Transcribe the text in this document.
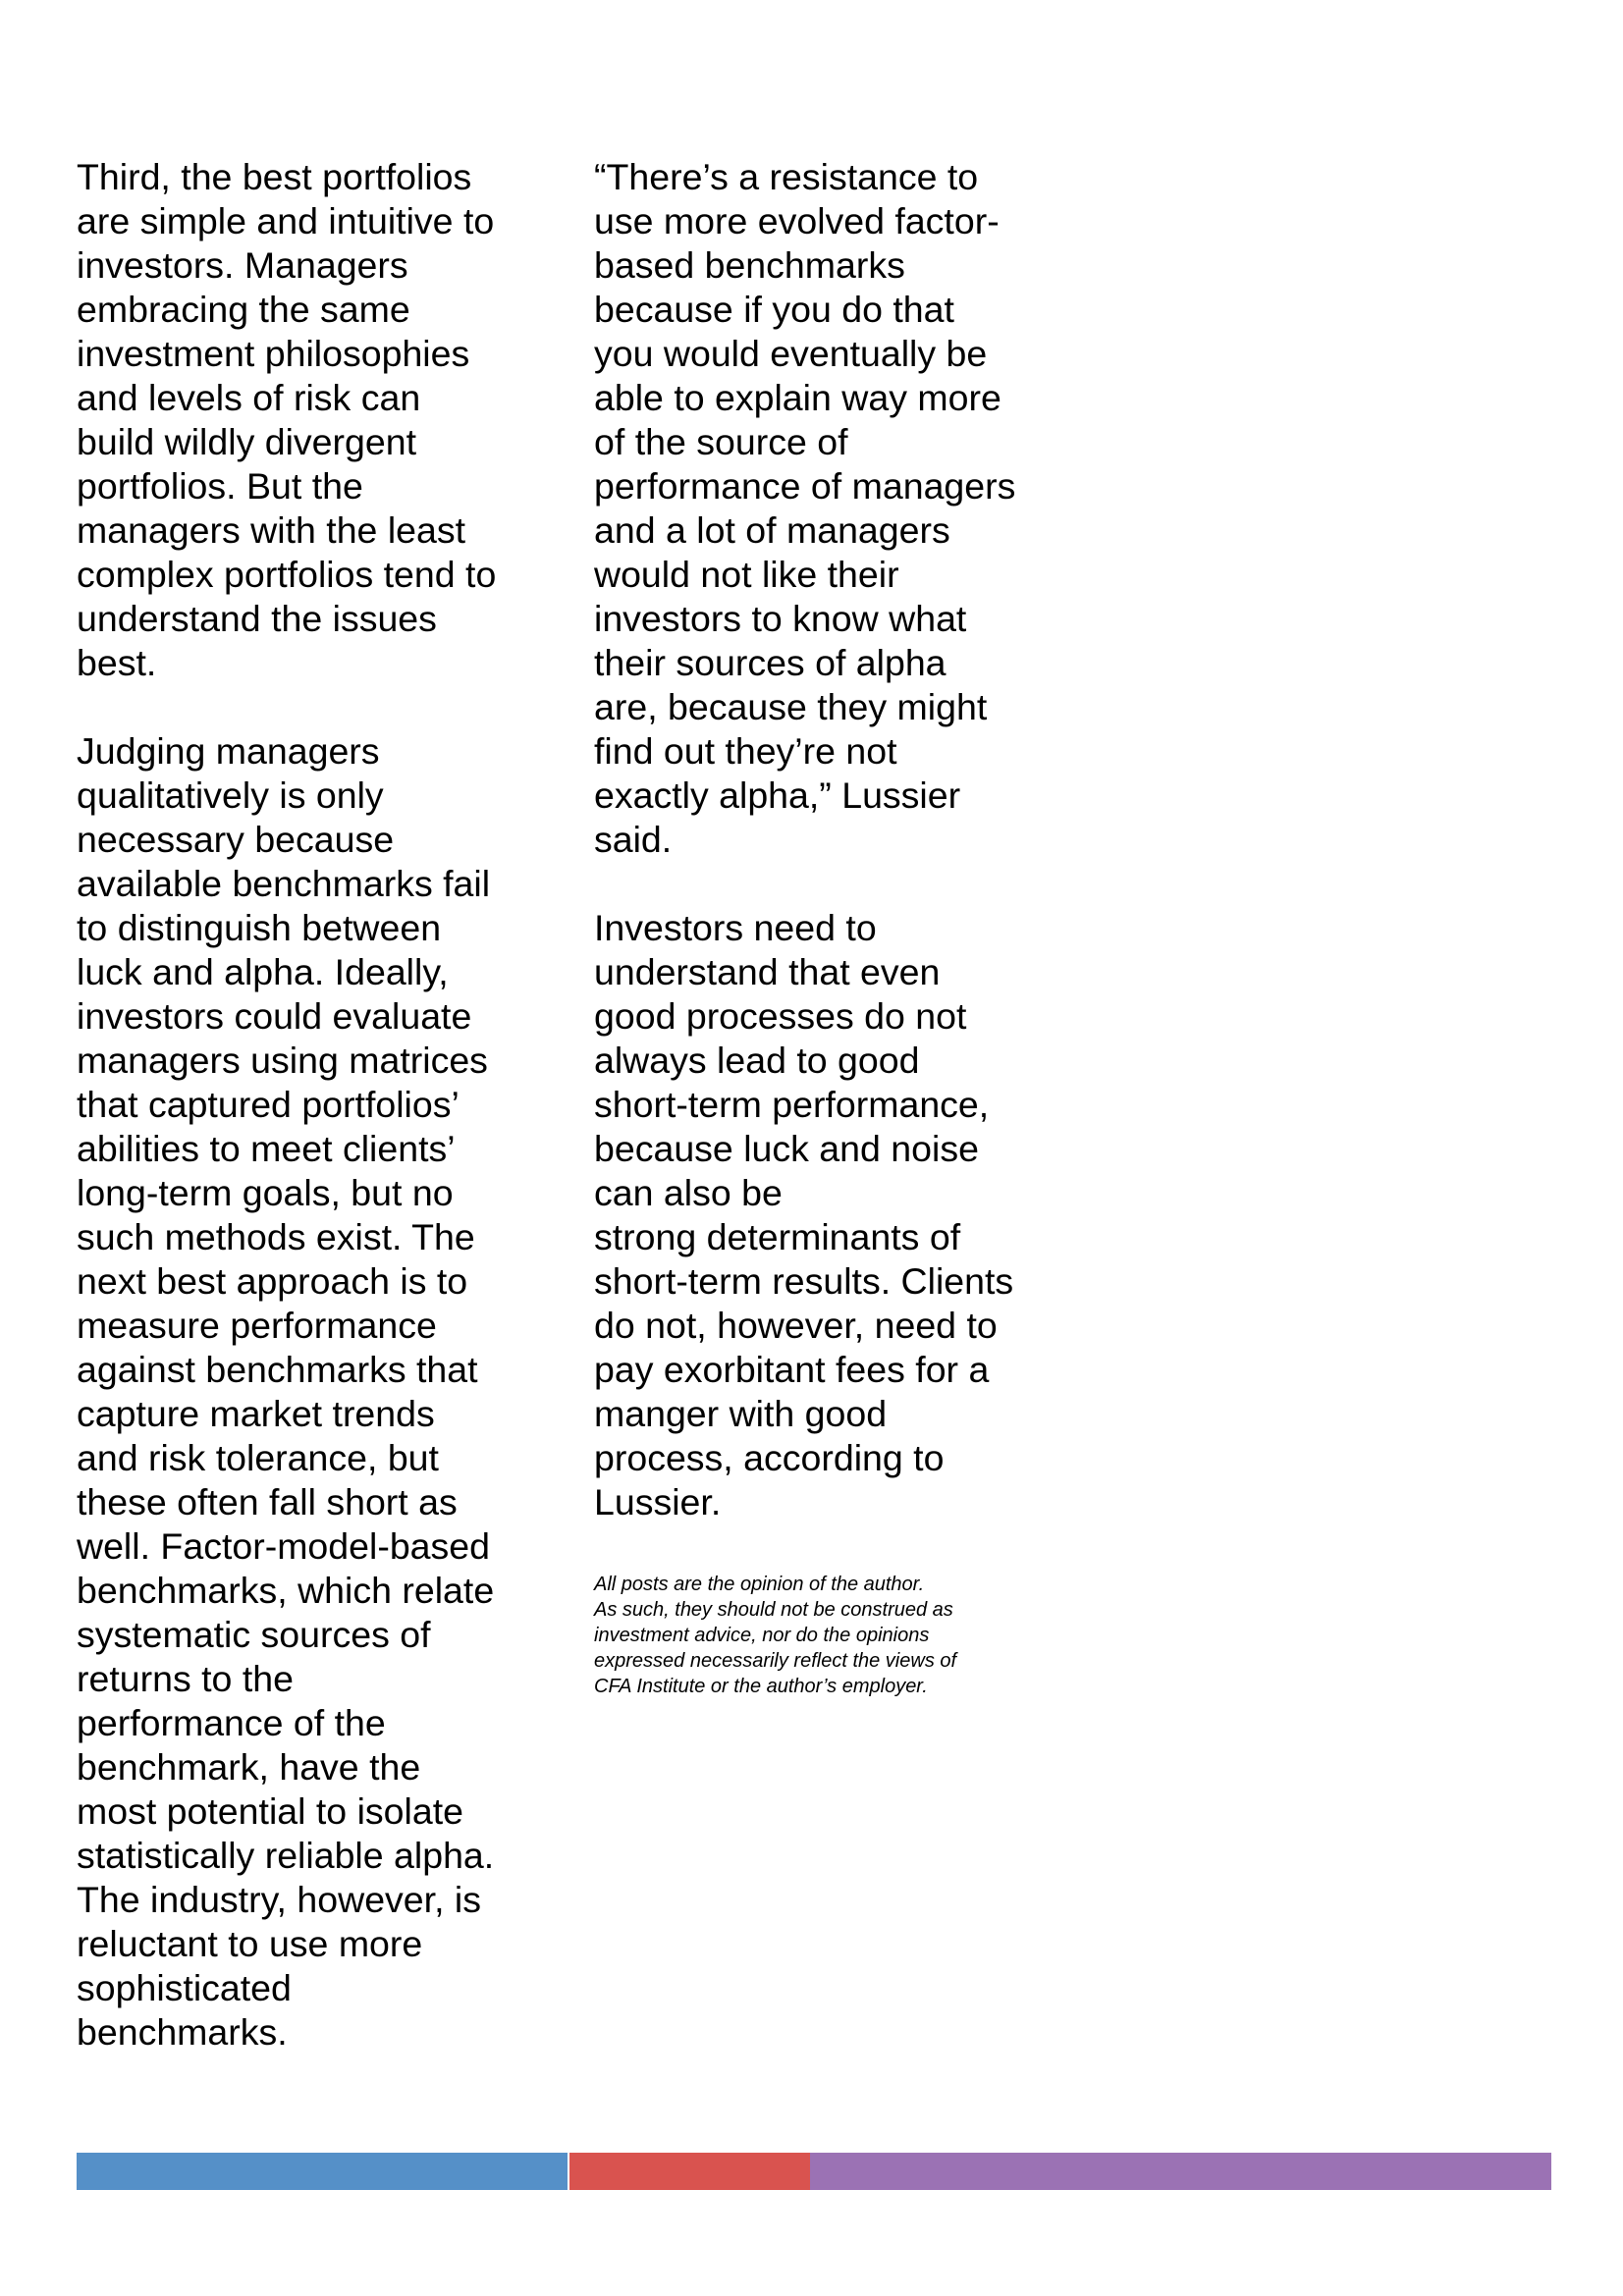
Third, the best portfolios
are simple and intuitive to
investors. Managers
embracing the same
investment philosophies
and levels of risk can
build wildly divergent
portfolios. But the
managers with the least
complex portfolios tend to
understand the issues
best.

Judging managers
qualitatively is only
necessary because
available benchmarks fail
to distinguish between
luck and alpha. Ideally,
investors could evaluate
managers using matrices
that captured portfolios’
abilities to meet clients’
long-term goals, but no
such methods exist. The
next best approach is to
measure performance
against benchmarks that
capture market trends
and risk tolerance, but
these often fall short as
well. Factor-model-based
benchmarks, which relate
systematic sources of
returns to the
performance of the
benchmark, have the
most potential to isolate
statistically reliable alpha.
The industry, however, is
reluctant to use more
sophisticated
benchmarks.

“There’s a resistance to
use more evolved factor-
based benchmarks
because if you do that
you would eventually be
able to explain way more
of the source of
performance of managers
and a lot of managers
would not like their
investors to know what
their sources of alpha
are, because they might
find out they’re not
exactly alpha,” Lussier
said.

Investors need to
understand that even
good processes do not
always lead to good
short-term performance,
because luck and noise
can also be
strong determinants of
short-term results. Clients
do not, however, need to
pay exorbitant fees for a
manger with good
process, according to
Lussier.

All posts are the opinion of the author.
As such, they should not be construed as
investment advice, nor do the opinions
expressed necessarily reflect the views of
CFA Institute or the author’s employer.
